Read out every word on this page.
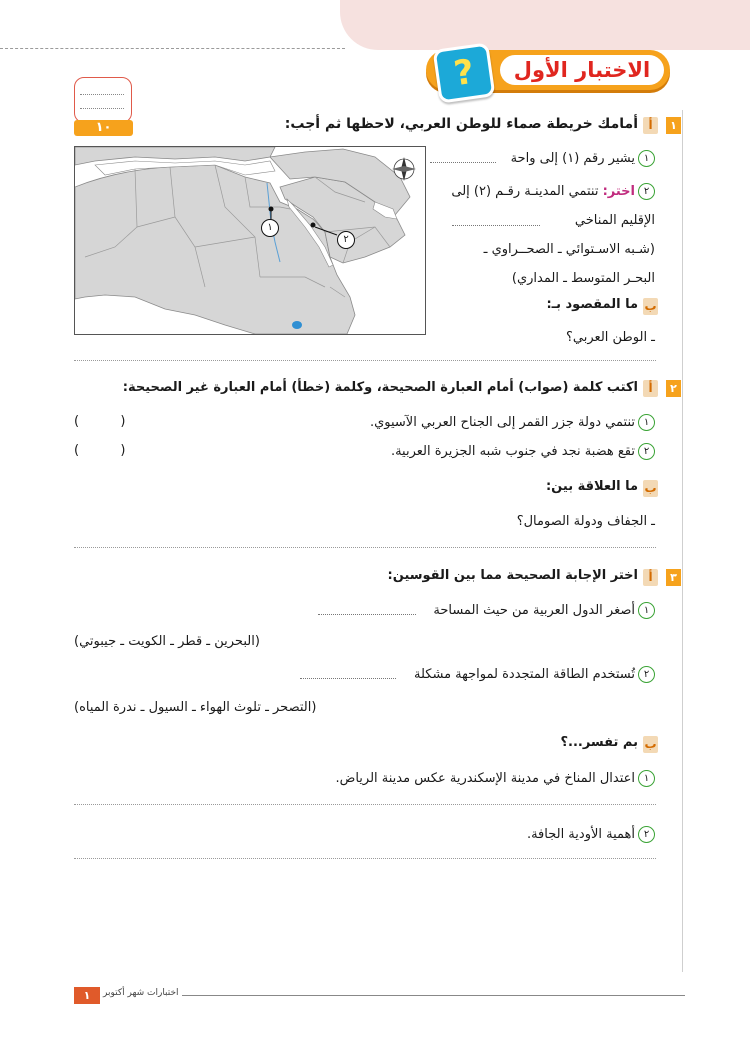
الاختبار الأول
?
١٠	١
أ
أمامك خريطة صماء للوطن العربي، لاحظها ثم أجب:
١
٢
١يشير رقم (١) إلى واحة
٢اختر: تنتمي المدينـة رقـم (٢) إلى
الإقليم المناخي
(شـبه الاسـتوائي ـ الصحــراوي ـ
البحـر المتوسط ـ المداري)
ب
ما المقصود بـ:
ـ الوطن العربي؟
٢
أ
اكتب كلمة (صواب) أمام العبارة الصحيحة، وكلمة (خطأ) أمام العبارة غير الصحيحة:
١تنتمي دولة جزر القمر إلى الجناح العربي الآسيوي.
(          )
٢تقع هضبة نجد في جنوب شبه الجزيرة العربية.
(          )
ب
ما العلاقة بين:
ـ الجفاف ودولة الصومال؟
٣
أ
اختر الإجابة الصحيحة مما بين القوسين:
١أصغر الدول العربية من حيث المساحة
(البحرين ـ قطر ـ الكويت ـ جيبوتي)
٢تُستخدم الطاقة المتجددة لمواجهة مشكلة
(التصحر ـ تلوث الهواء ـ السيول ـ ندرة المياه)
ب
بم تفسر...؟
١اعتدال المناخ في مدينة الإسكندرية عكس مدينة الرياض.
٢أهمية الأودية الجافة.
١	اختبارات شهر أكتوبر
